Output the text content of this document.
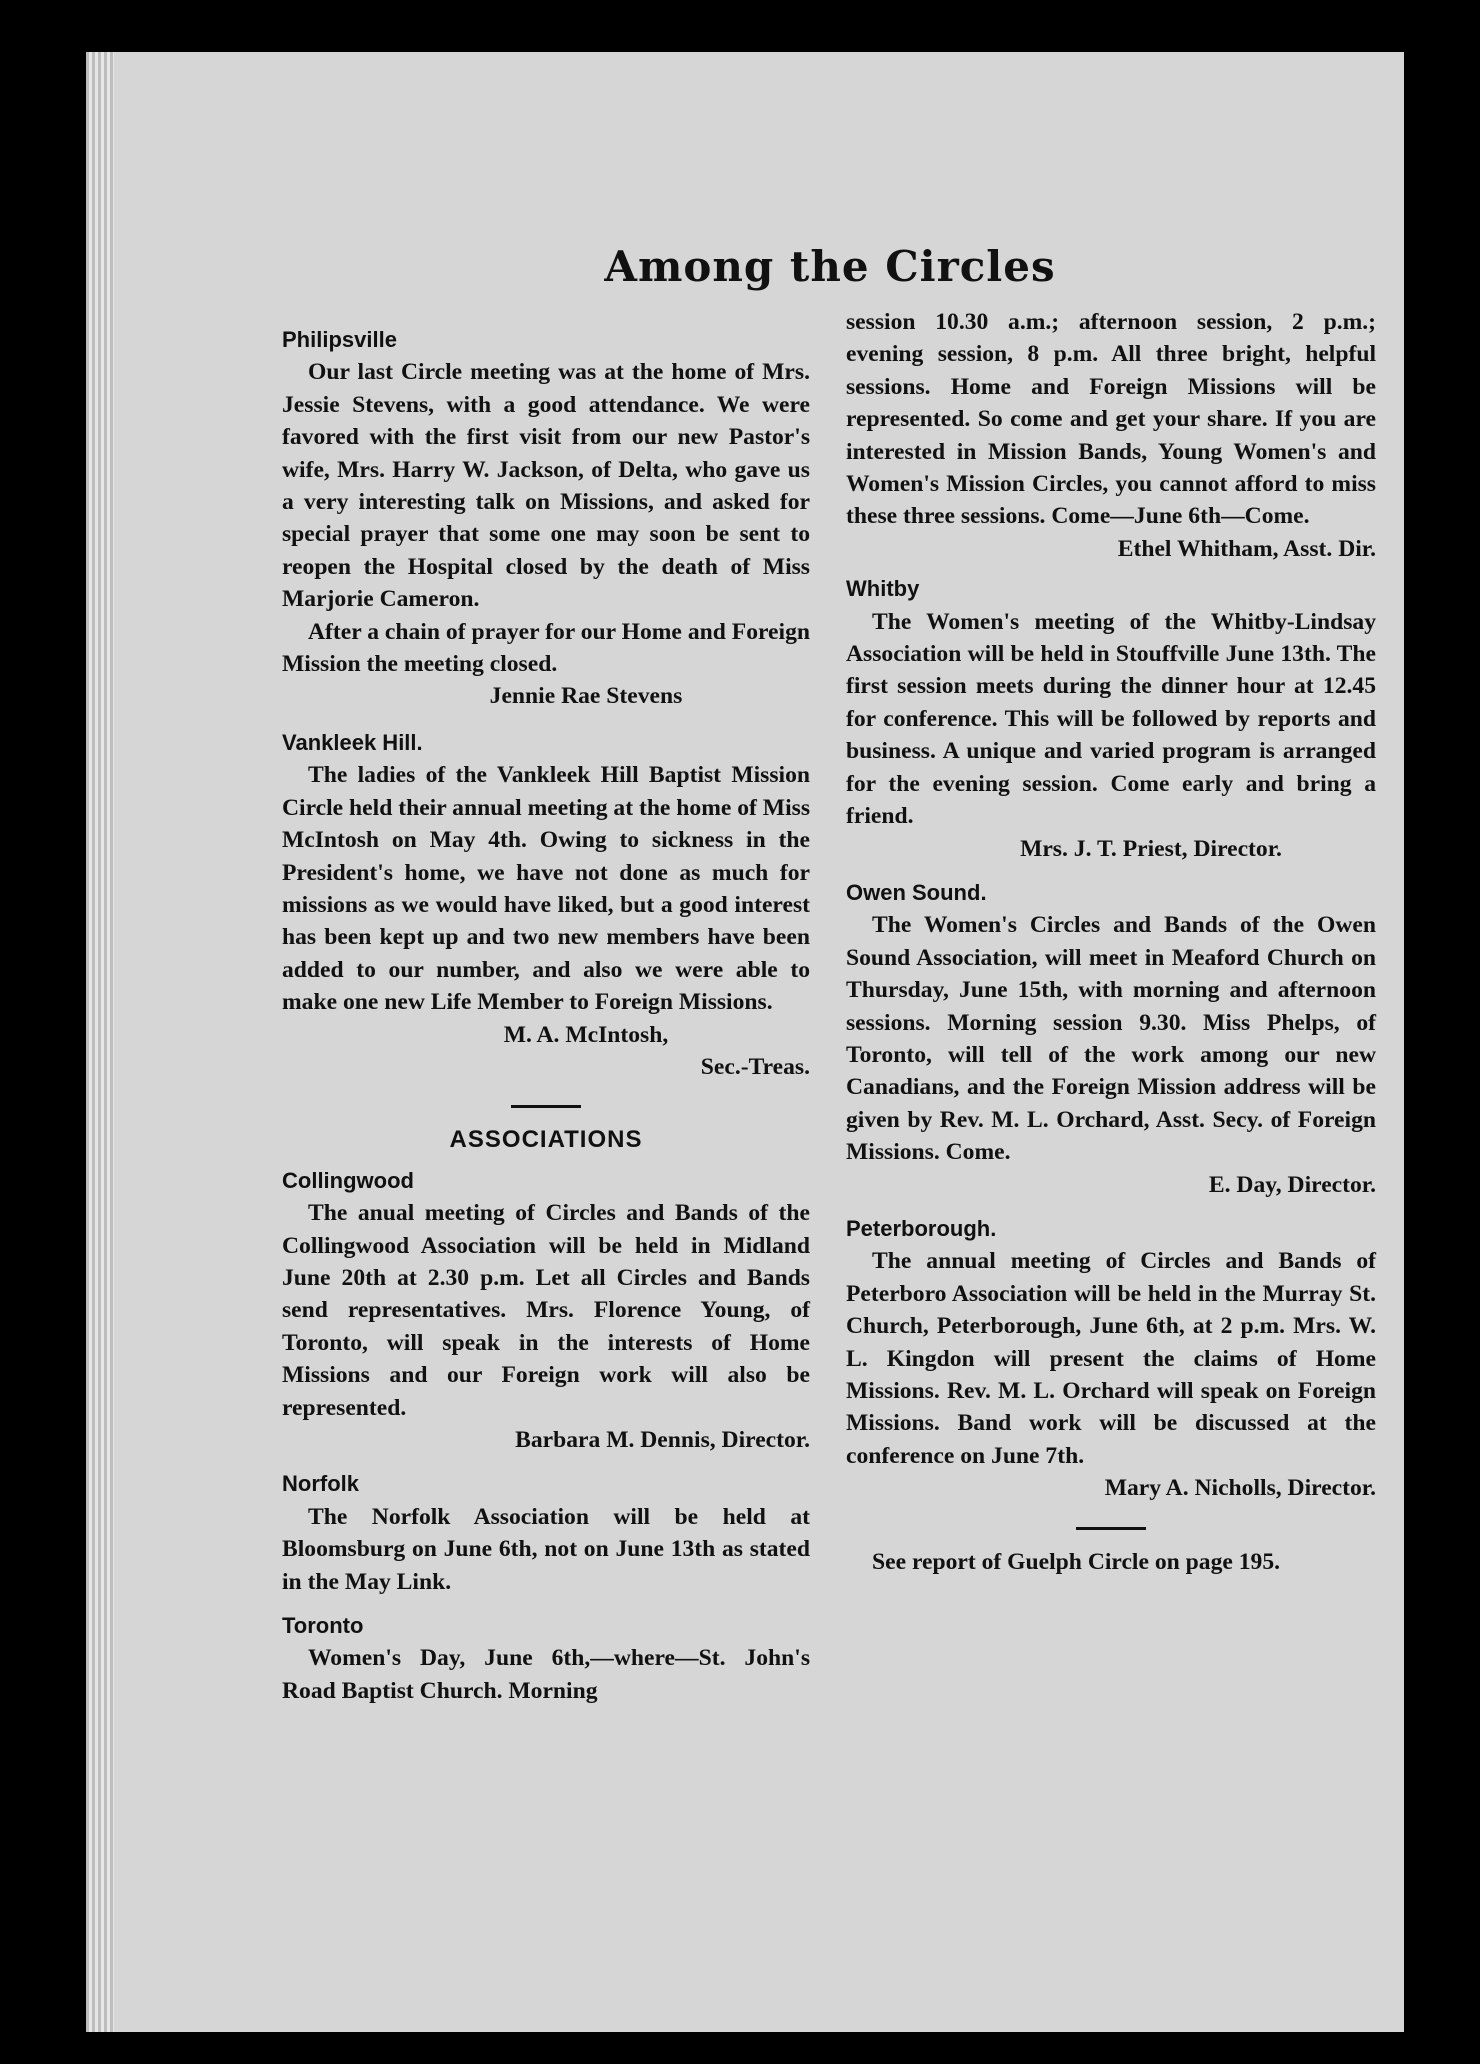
Among the Circles
Philipsville

Our last Circle meeting was at the home of Mrs. Jessie Stevens, with a good attendance. We were favored with the first visit from our new Pastor's wife, Mrs. Harry W. Jackson, of Delta, who gave us a very interesting talk on Missions, and asked for special prayer that some one may soon be sent to reopen the Hospital closed by the death of Miss Marjorie Cameron.

After a chain of prayer for our Home and Foreign Mission the meeting closed.

Jennie Rae Stevens

Vankleek Hill.

The ladies of the Vankleek Hill Baptist Mission Circle held their annual meeting at the home of Miss McIntosh on May 4th. Owing to sickness in the President's home, we have not done as much for missions as we would have liked, but a good interest has been kept up and two new members have been added to our number, and also we were able to make one new Life Member to Foreign Missions.

M. A. McIntosh,

Sec.-Treas.

ASSOCIATIONS
Collingwood

The anual meeting of Circles and Bands of the Collingwood Association will be held in Midland June 20th at 2.30 p.m. Let all Circles and Bands send representatives. Mrs. Florence Young, of Toronto, will speak in the interests of Home Missions and our Foreign work will also be represented.

Barbara M. Dennis, Director.

Norfolk

The Norfolk Association will be held at Bloomsburg on June 6th, not on June 13th as stated in the May Link.

Toronto

Women's Day, June 6th,—where—St. John's Road Baptist Church. Morning

session 10.30 a.m.; afternoon session, 2 p.m.; evening session, 8 p.m. All three bright, helpful sessions. Home and Foreign Missions will be represented. So come and get your share. If you are interested in Mission Bands, Young Women's and Women's Mission Circles, you cannot afford to miss these three sessions. Come—June 6th—Come.

Ethel Whitham, Asst. Dir.

Whitby

The Women's meeting of the Whitby-Lindsay Association will be held in Stouffville June 13th. The first session meets during the dinner hour at 12.45 for conference. This will be followed by reports and business. A unique and varied program is arranged for the evening session. Come early and bring a friend.

Mrs. J. T. Priest, Director.

Owen Sound.

The Women's Circles and Bands of the Owen Sound Association, will meet in Meaford Church on Thursday, June 15th, with morning and afternoon sessions. Morning session 9.30. Miss Phelps, of Toronto, will tell of the work among our new Canadians, and the Foreign Mission address will be given by Rev. M. L. Orchard, Asst. Secy. of Foreign Missions. Come.

E. Day, Director.

Peterborough.

The annual meeting of Circles and Bands of Peterboro Association will be held in the Murray St. Church, Peterborough, June 6th, at 2 p.m. Mrs. W. L. Kingdon will present the claims of Home Missions. Rev. M. L. Orchard will speak on Foreign Missions. Band work will be discussed at the conference on June 7th.

Mary A. Nicholls, Director.

See report of Guelph Circle on page 195.
